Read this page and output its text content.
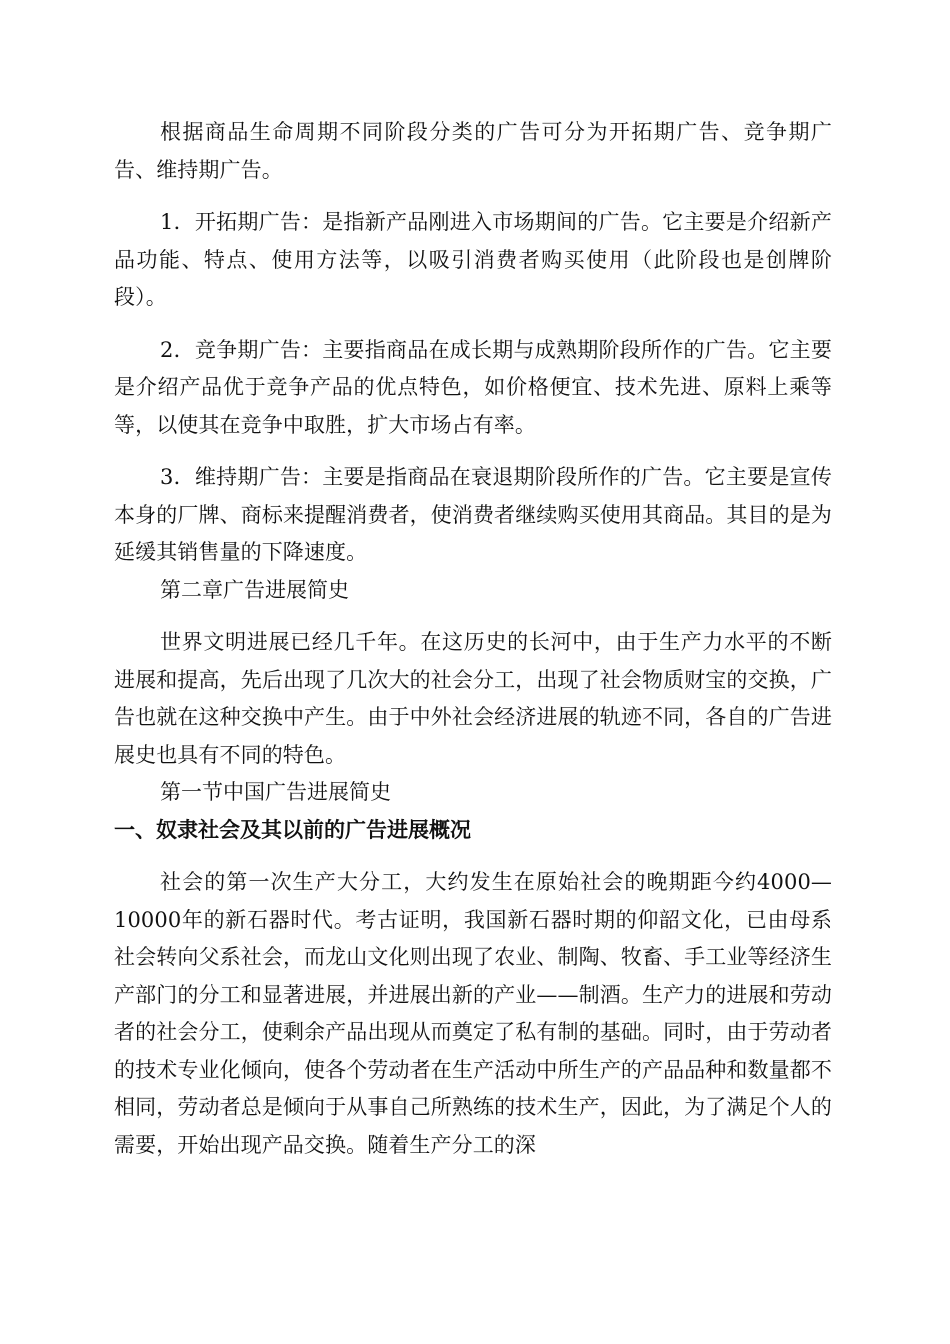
根据商品生命周期不同阶段分类的广告可分为开拓期广告、竞争期广告、维持期广告。

1．开拓期广告：是指新产品刚进入市场期间的广告。它主要是介绍新产品功能、特点、使用方法等，以吸引消费者购买使用（此阶段也是创牌阶段）。

2．竞争期广告：主要指商品在成长期与成熟期阶段所作的广告。它主要是介绍产品优于竞争产品的优点特色，如价格便宜、技术先进、原料上乘等等，以使其在竞争中取胜，扩大市场占有率。

3．维持期广告：主要是指商品在衰退期阶段所作的广告。它主要是宣传本身的厂牌、商标来提醒消费者，使消费者继续购买使用其商品。其目的是为延缓其销售量的下降速度。

第二章广告进展简史

世界文明进展已经几千年。在这历史的长河中，由于生产力水平的不断进展和提高，先后出现了几次大的社会分工，出现了社会物质财宝的交换，广告也就在这种交换中产生。由于中外社会经济进展的轨迹不同，各自的广告进展史也具有不同的特色。

第一节中国广告进展简史

一、奴隶社会及其以前的广告进展概况

社会的第一次生产大分工，大约发生在原始社会的晚期距今约4000—10000年的新石器时代。考古证明，我国新石器时期的仰韶文化，已由母系社会转向父系社会，而龙山文化则出现了农业、制陶、牧畜、手工业等经济生产部门的分工和显著进展，并进展出新的产业——制酒。生产力的进展和劳动者的社会分工，使剩余产品出现从而奠定了私有制的基础。同时，由于劳动者的技术专业化倾向，使各个劳动者在生产活动中所生产的产品品种和数量都不相同，劳动者总是倾向于从事自己所熟练的技术生产，因此，为了满足个人的需要，开始出现产品交换。随着生产分工的深
